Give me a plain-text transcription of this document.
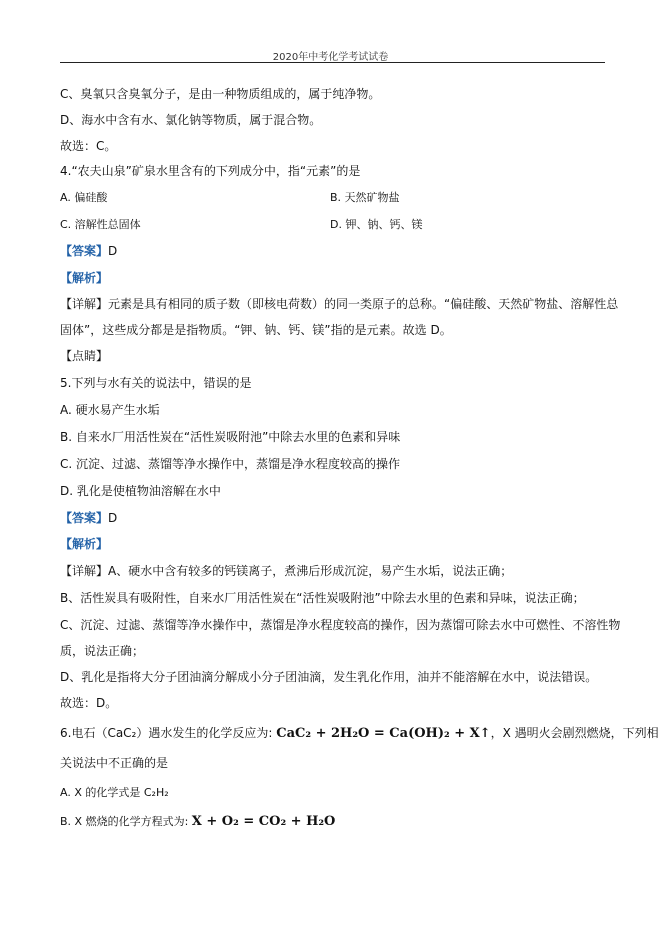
2020年中考化学考试试卷
C、臭氧只含臭氧分子，是由一种物质组成的，属于纯净物。
D、海水中含有水、氯化钠等物质，属于混合物。
故选：C。
4.“农夫山泉”矿泉水里含有的下列成分中，指“元素”的是
A. 偏硅酸	B. 天然矿物盐
C. 溶解性总固体	D. 钾、钠、钙、镁
【答案】D
【解析】
【详解】元素是具有相同的质子数（即核电荷数）的同一类原子的总称。“偏硅酸、天然矿物盐、溶解性总
固体”，这些成分都是是指物质。“钾、钠、钙、镁”指的是元素。故选 D。
【点睛】
5.下列与水有关的说法中，错误的是
A. 硬水易产生水垢
B. 自来水厂用活性炭在“活性炭吸附池”中除去水里的色素和异味
C. 沉淀、过滤、蒸馏等净水操作中，蒸馏是净水程度较高的操作
D. 乳化是使植物油溶解在水中
【答案】D
【解析】
【详解】A、硬水中含有较多的钙镁离子，煮沸后形成沉淀，易产生水垢，说法正确；
B、活性炭具有吸附性，自来水厂用活性炭在“活性炭吸附池”中除去水里的色素和异味，说法正确；
C、沉淀、过滤、蒸馏等净水操作中，蒸馏是净水程度较高的操作，因为蒸馏可除去水中可燃性、不溶性物
质，说法正确；
D、乳化是指将大分子团油滴分解成小分子团油滴，发生乳化作用，油并不能溶解在水中，说法错误。
故选：D。
6.电石（CaC₂）遇水发生的化学反应为: CaC₂ + 2H₂O = Ca(OH)₂ + X↑，X 遇明火会剧烈燃烧，下列相
关说法中不正确的是
A. X 的化学式是 C₂H₂
B. X 燃烧的化学方程式为: X + O₂ = CO₂ + H₂O
